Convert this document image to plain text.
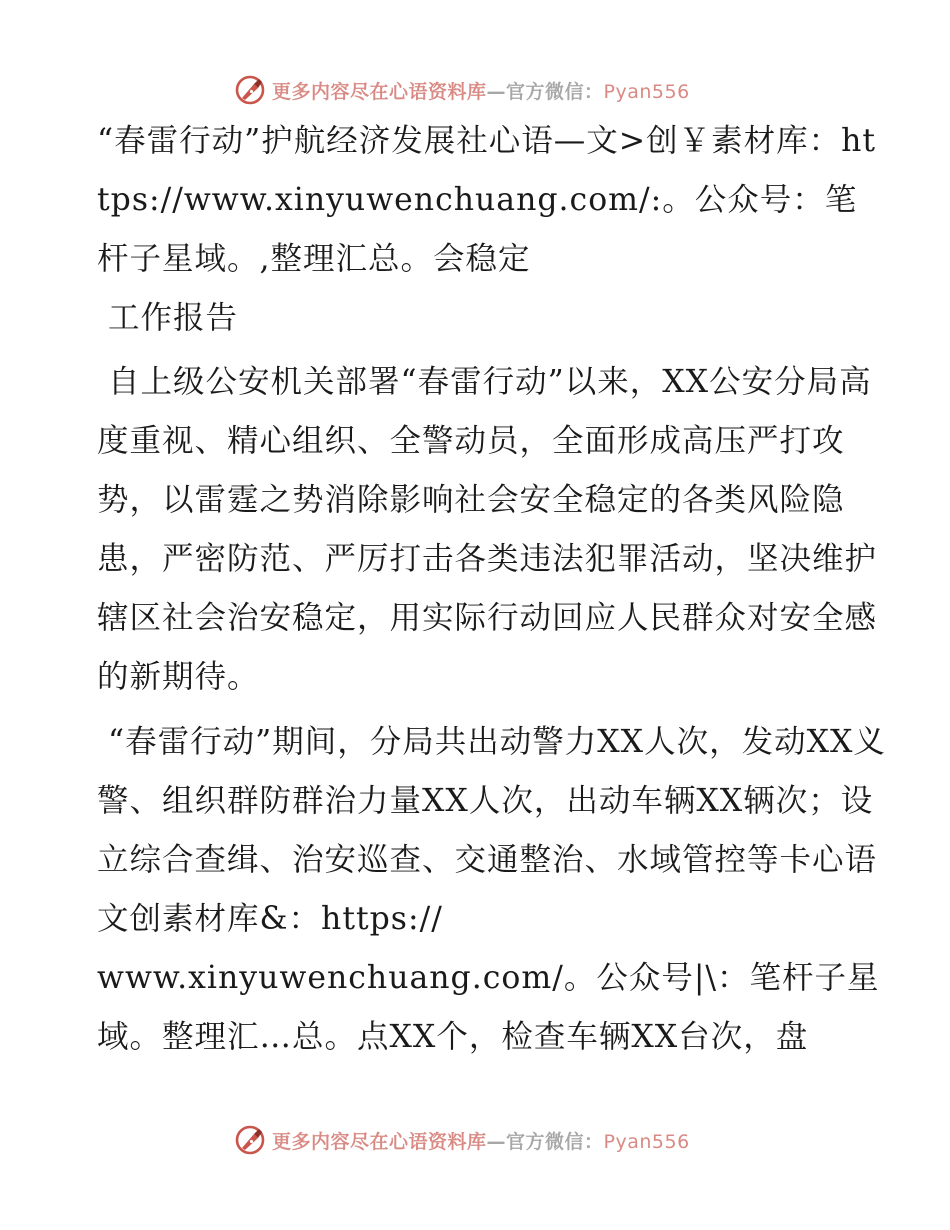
更多内容尽在心语资料库—官方微信：Pyan556

“春雷行动”护航经济发展社心语—文>创￥素材库：https://www.xinyuwenchuang.com/:。公众号：笔杆子星域。,整理汇总。会稳定

工作报告

自上级公安机关部署“春雷行动”以来，XX公安分局高度重视、精心组织、全警动员，全面形成高压严打攻势，以雷霆之势消除影响社会安全稳定的各类风险隐患，严密防范、严厉打击各类违法犯罪活动，坚决维护辖区社会治安稳定，用实际行动回应人民群众对安全感的新期待。

“春雷行动”期间，分局共出动警力XX人次，发动XX义警、组织群防群治力量XX人次，出动车辆XX辆次；设立综合查缉、治安巡查、交通整治、水域管控等卡心语文创素材库&：https://
www.xinyuwenchuang.com/。公众号|\：笔杆子星域。整理汇…总。点XX个，检查车辆XX台次，盘

更多内容尽在心语资料库—官方微信：Pyan556
